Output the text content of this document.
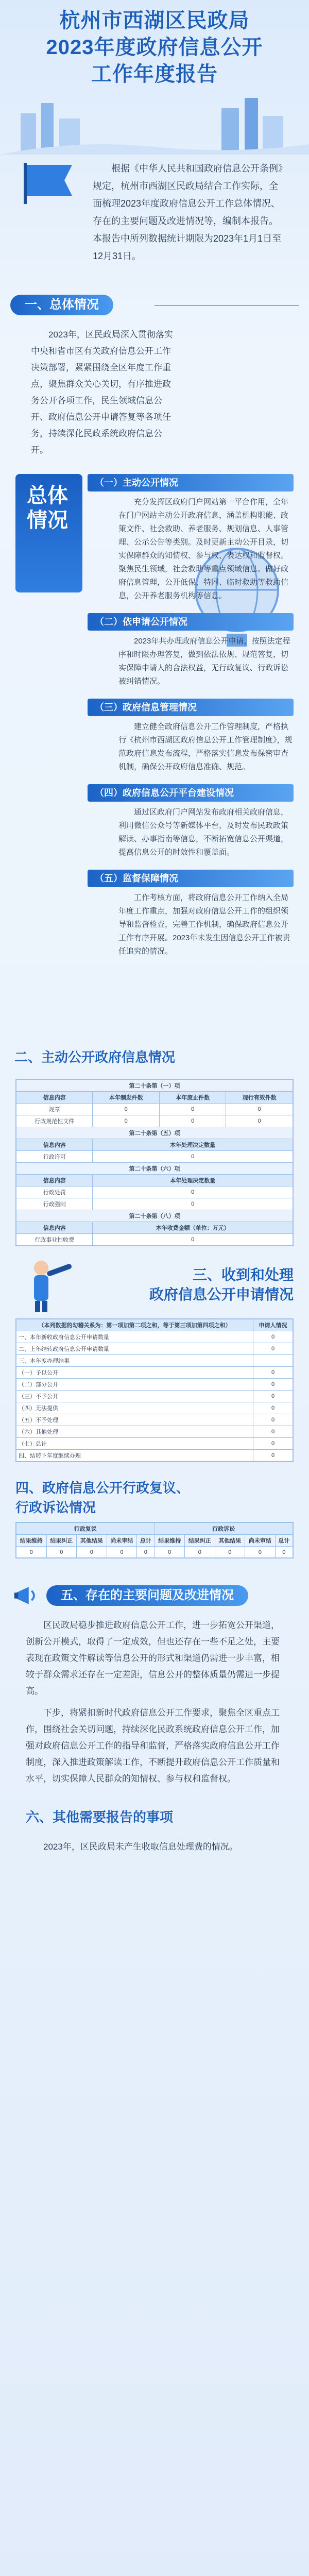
杭州市西湖区民政局
2023年度政府信息公开
工作年度报告

根据《中华人民共和国政府信息公开条例》规定，杭州市西湖区民政局结合工作实际，全面梳理2023年度政府信息公开工作总体情况、存在的主要问题及改进情况等，编制本报告。本报告中所列数据统计期限为2023年1月1日至12月31日。

一、总体情况

2023年，区民政局深入贯彻落实中央和省市区有关政府信息公开工作决策部署，紧紧围绕全区年度工作重点，聚焦群众关心关切，有序推进政务公开各项工作，民生领域信息公开、政府信息公开申请答复等各项任务，持续深化民政系统政府信息公开。

总体情况
（一）主动公开情况

充分发挥区政府门户网站第一平台作用，全年在门户网站主动公开政府信息，涵盖机构职能、政策文件、社会救助、养老服务、规划信息、人事管理、公示公告等类别。及时更新主动公开目录，切实保障群众的知情权、参与权、表达权和监督权。聚焦民生领域，社会救助等重点领域信息。做好政府信息管理，公开低保、特困、临时救助等救助信息，公开养老服务机构等信息。

（二）依申请公开情况

2023年共办理政府信息公开申请，按照法定程序和时限办理答复，做到依法依规、规范答复，切实保障申请人的合法权益，无行政复议、行政诉讼被纠错情况。

（三）政府信息管理情况

建立健全政府信息公开工作管理制度，严格执行《杭州市西湖区政府信息公开工作管理制度》，规范政府信息发布流程，严格落实信息发布保密审查机制，确保公开政府信息准确、规范。

（四）政府信息公开平台建设情况

通过区政府门户网站发布政府相关政府信息，利用微信公众号等新媒体平台，及时发布民政政策解读、办事指南等信息，不断拓宽信息公开渠道，提高信息公开的时效性和覆盖面。

（五）监督保障情况

工作考核方面，将政府信息公开工作纳入全局年度工作重点，加强对政府信息公开工作的组织领导和监督检查，完善工作机制，确保政府信息公开工作有序开展。2023年未发生因信息公开工作被责任追究的情况。

二、主动公开政府信息情况
第二十条第（一）项			
信息内容	本年制发件数	本年废止件数	现行有效件数
规章	0	0	0
行政规范性文件	0	0	0
第二十条第（五）项			
信息内容	本年处理决定数量		
行政许可	0		
第二十条第（六）项			
信息内容	本年处理决定数量		
行政处罚	0		
行政强制	0		
第二十条第（八）项			
信息内容	本年收费金额（单位：万元）		
行政事业性收费	0		
三、收到和处理
政府信息公开申请情况
（本列数据的勾稽关系为：第一项加第二项之和，等于第三项加第四项之和）	申请人情况
一、本年新收政府信息公开申请数量	0
二、上年结转政府信息公开申请数量	0
三、本年度办理结果	
（一）予以公开	0
（二）部分公开	0
（三）不予公开	0
（四）无法提供	0
（五）不予处理	0
（六）其他处理	0
（七）总计	0
四、结转下年度继续办理	0
四、政府信息公开行政复议、
行政诉讼情况
行政复议					行政诉讼				
结果维持	结果纠正	其他结果	尚未审结	总计	结果维持	结果纠正	其他结果	尚未审结	总计
0	0	0	0	0	0	0	0	0	0
五、存在的主要问题及改进情况

区民政局稳步推进政府信息公开工作，进一步拓宽公开渠道，创新公开模式，取得了一定成效，但也还存在一些不足之处，主要表现在政策文件解读等信息公开的形式和渠道仍需进一步丰富，相较于群众需求还存在一定差距，信息公开的整体质量仍需进一步提高。

下步，将紧扣新时代政府信息公开工作要求，聚焦全区重点工作，围绕社会关切问题，持续深化民政系统政府信息公开工作，加强对政府信息公开工作的指导和监督，严格落实政府信息公开工作制度，深入推进政策解读工作，不断提升政府信息公开工作质量和水平，切实保障人民群众的知情权、参与权和监督权。

六、其他需要报告的事项

2023年，区民政局未产生收取信息处理费的情况。
